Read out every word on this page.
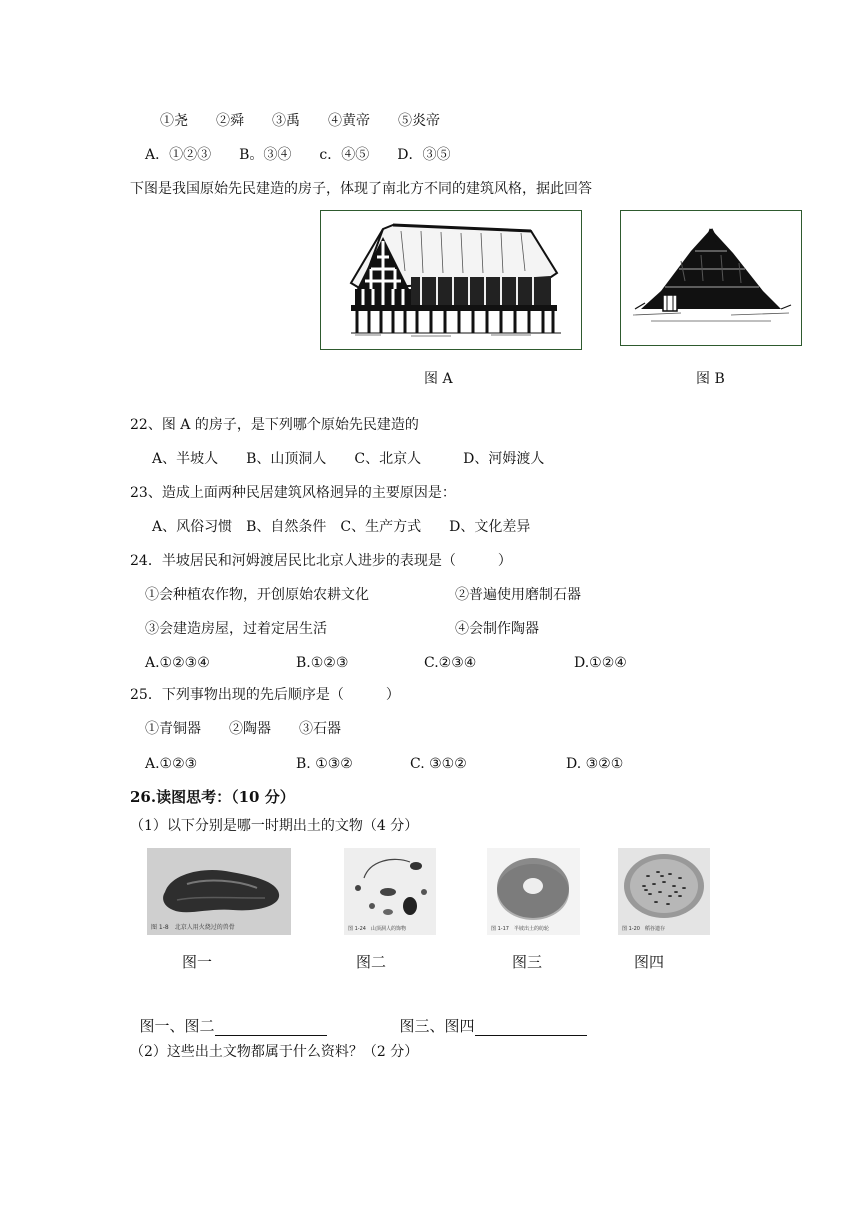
①尧　　②舜　　③禹　　④黄帝　　⑤炎帝
A．①②③　　B。③④　　c．④⑤　　D．③⑤
下图是我国原始先民建造的房子，体现了南北方不同的建筑风格，据此回答
图 A	图 B
22、图 A 的房子，是下列哪个原始先民建造的
A、半坡人　　B、山顶洞人　　C、北京人　　　D、河姆渡人
23、造成上面两种民居建筑风格迥异的主要原因是：
A、风俗习惯　B、自然条件　C、生产方式　　D、文化差异
24．半坡居民和河姆渡居民比北京人进步的表现是（　　　）
①会种植农作物，开创原始农耕文化	②普遍使用磨制石器
③会建造房屋，过着定居生活	④会制作陶器
A.①②③④	B.①②③	C.②③④	D.①②④
25．下列事物出现的先后顺序是（　　　）
①青铜器　　②陶器　　③石器
A.①②③	B. ①③②	C. ③①②	D. ③②①
26.读图思考：（10 分）
（1）以下分别是哪一时期出土的文物（4 分）
图 1-8　北京人用火烧过的兽骨	图 1-24　山顶洞人的饰物	图 1-17　半坡出土的纺轮	图 1-20　稻谷遗存
图一	图二	图三	图四

图一、图二	图三、图四

（2）这些出土文物都属于什么资料？（2 分）
